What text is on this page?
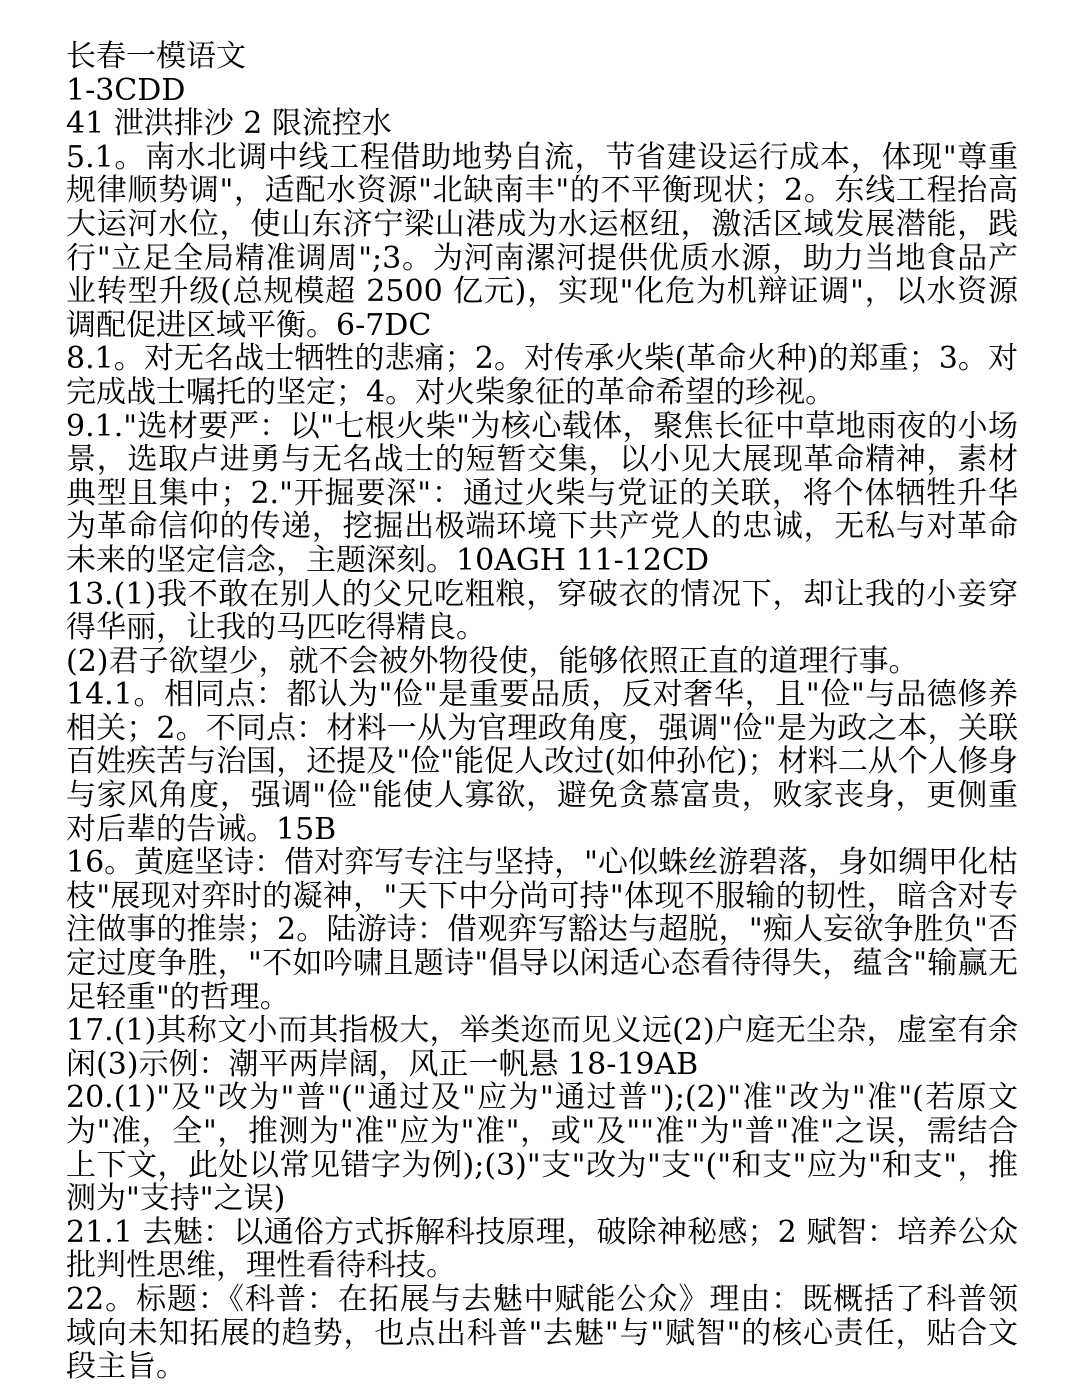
长春一模语文
1-3CDD
41 泄洪排沙 2 限流控水
5.1。南水北调中线工程借助地势自流，节省建设运行成本，体现"尊重规律顺势调"，适配水资源"北缺南丰"的不平衡现状；2。东线工程抬高大运河水位，使山东济宁梁山港成为水运枢纽，激活区域发展潜能，践行"立足全局精准调周";3。为河南漯河提供优质水源，助力当地食品产业转型升级(总规模超 2500 亿元)，实现"化危为机辩证调"，以水资源调配促进区域平衡。6-7DC
8.1。对无名战士牺牲的悲痛；2。对传承火柴(革命火种)的郑重；3。对完成战士嘱托的坚定；4。对火柴象征的革命希望的珍视。
9.1."选材要严：以"七根火柴"为核心载体，聚焦长征中草地雨夜的小场景，选取卢进勇与无名战士的短暂交集，以小见大展现革命精神，素材典型且集中；2."开掘要深"：通过火柴与党证的关联，将个体牺牲升华为革命信仰的传递，挖掘出极端环境下共产党人的忠诚，无私与对革命未来的坚定信念，主题深刻。10AGH 11-12CD
13.(1)我不敢在别人的父兄吃粗粮，穿破衣的情况下，却让我的小妾穿得华丽，让我的马匹吃得精良。
(2)君子欲望少，就不会被外物役使，能够依照正直的道理行事。
14.1。相同点：都认为"俭"是重要品质，反对奢华，且"俭"与品德修养相关；2。不同点：材料一从为官理政角度，强调"俭"是为政之本，关联百姓疾苦与治国，还提及"俭"能促人改过(如仲孙佗)；材料二从个人修身与家风角度，强调"俭"能使人寡欲，避免贪慕富贵，败家丧身，更侧重对后辈的告诫。15B
16。黄庭坚诗：借对弈写专注与坚持，"心似蛛丝游碧落，身如绸甲化枯枝"展现对弈时的凝神，"天下中分尚可持"体现不服输的韧性，暗含对专注做事的推崇；2。陆游诗：借观弈写豁达与超脱，"痴人妄欲争胜负"否定过度争胜，"不如吟啸且题诗"倡导以闲适心态看待得失，蕴含"输赢无足轻重"的哲理。
17.(1)其称文小而其指极大，举类迩而见义远(2)户庭无尘杂，虚室有余闲(3)示例：潮平两岸阔，风正一帆悬 18-19AB
20.(1)"及"改为"普"("通过及"应为"通过普");(2)"准"改为"准"(若原文为"准，全"，推测为"准"应为"准"，或"及""准"为"普"准"之误，需结合上下文，此处以常见错字为例);(3)"支"改为"支"("和支"应为"和支"，推测为"支持"之误)
21.1 去魅：以通俗方式拆解科技原理，破除神秘感；2 赋智：培养公众批判性思维，理性看待科技。
22。标题：《科普：在拓展与去魅中赋能公众》理由：既概括了科普领域向未知拓展的趋势，也点出科普"去魅"与"赋智"的核心责任，贴合文段主旨。
